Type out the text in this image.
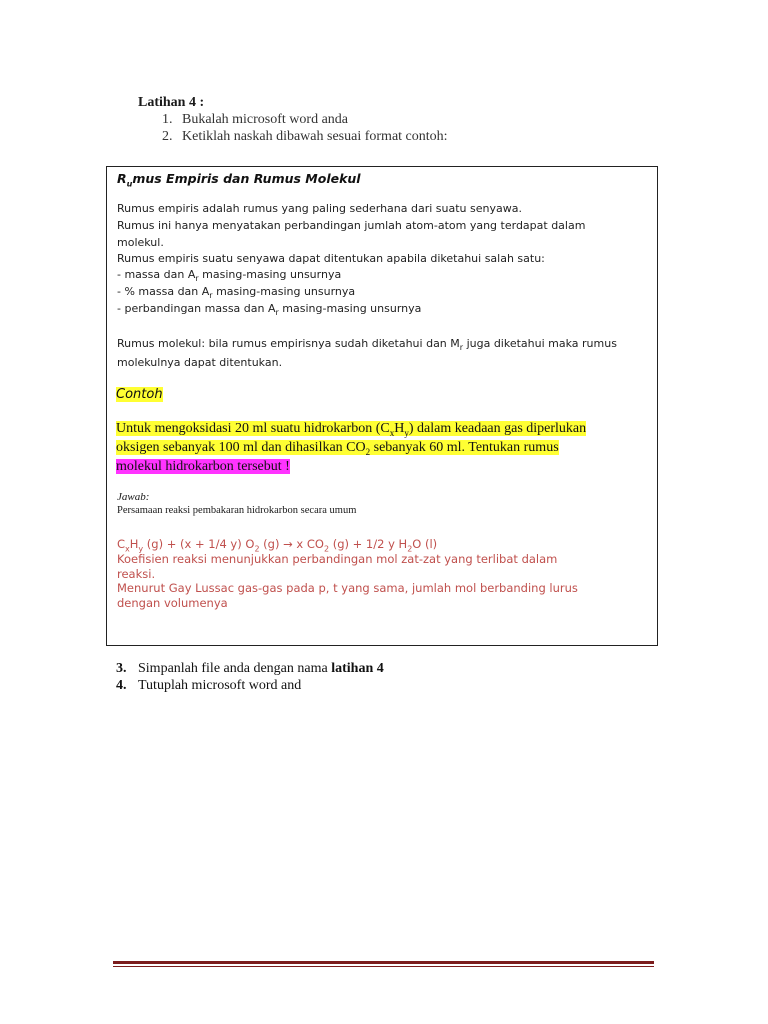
Latihan 4 :
1. Bukalah microsoft word anda
2. Ketiklah naskah dibawah sesuai format contoh:
$R_umus$ Empiris dan Rumus Molekul
Rumus empiris adalah rumus yang paling sederhana dari suatu senyawa.
Rumus ini hanya menyatakan perbandingan jumlah atom-atom yang terdapat dalam
molekul.
Rumus empiris suatu senyawa dapat ditentukan apabila diketahui salah satu:
- massa dan $A_r$ masing-masing unsurnya
- % massa dan $A_r$ masing-masing unsurnya
- perbandingan massa dan $A_r$ masing-masing unsurnya
Rumus molekul: bila rumus empirisnya sudah diketahui dan $M_r$ juga diketahui maka rumus
molekulnya dapat ditentukan.
Contoh
Untuk mengoksidasi 20 ml suatu hidrokarbon $(C_xH_y)$ dalam keadaan gas diperlukan
oksigen sebanyak 100 ml dan dihasilkan $CO_2$ sebanyak 60 ml. Tentukan rumus
molekul hidrokarbon tersebut !
Jawab:
Persamaan reaksi pembakaran hidrokarbon secara umum
$C_xH_y$ (g) + (x + 1/4 y) $O_2$ (g) → x $CO_2$ (g) + 1/2 y $H_2O$ (l)
Koefisien reaksi menunjukkan perbandingan mol zat-zat yang terlibat dalam
reaksi.
Menurut Gay Lussac gas-gas pada p, t yang sama, jumlah mol berbanding lurus
dengan volumenya
3. Simpanlah file anda dengan nama latihan 4
4. Tutuplah microsoft word and
